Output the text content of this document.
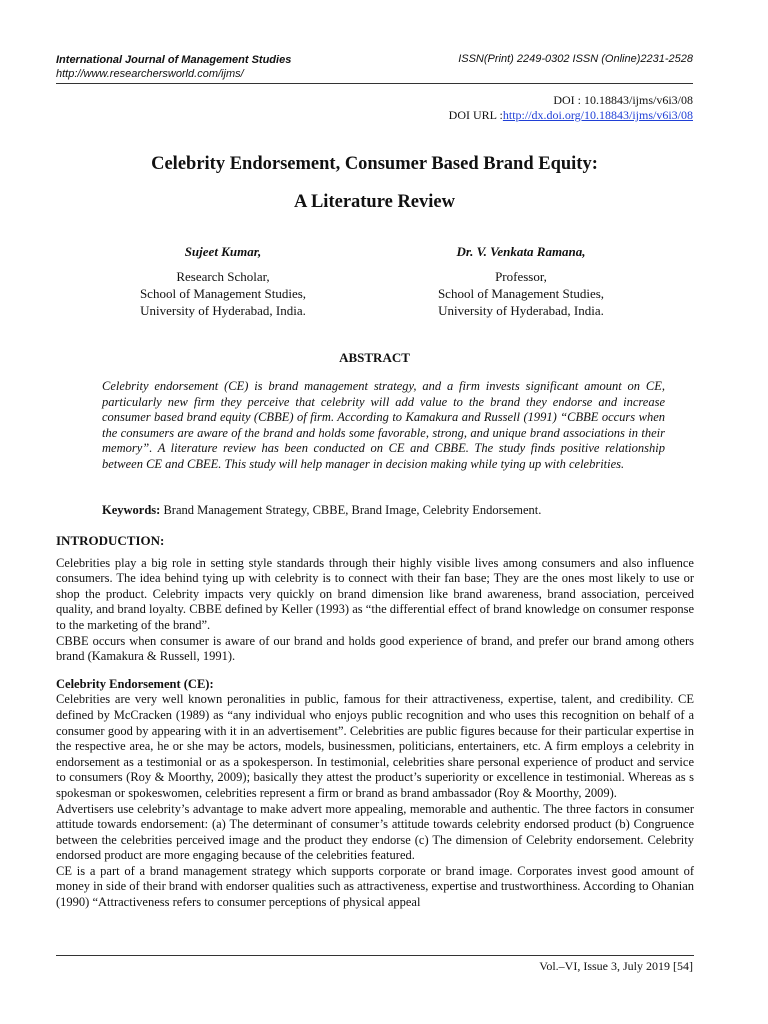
International Journal of Management Studies
http://www.researchersworld.com/ijms/
ISSN(Print) 2249-0302 ISSN (Online)2231-2528
DOI : 10.18843/ijms/v6i3/08
DOI URL :http://dx.doi.org/10.18843/ijms/v6i3/08
Celebrity Endorsement, Consumer Based Brand Equity:
A Literature Review
Sujeet Kumar,
Research Scholar,
School of Management Studies,
University of Hyderabad, India.
Dr. V. Venkata Ramana,
Professor,
School of Management Studies,
University of Hyderabad, India.
ABSTRACT
Celebrity endorsement (CE) is brand management strategy, and a firm invests significant amount on CE, particularly new firm they perceive that celebrity will add value to the brand they endorse and increase consumer based brand equity (CBBE) of firm. According to Kamakura and Russell (1991) “CBBE occurs when the consumers are aware of the brand and holds some favorable, strong, and unique brand associations in their memory”. A literature review has been conducted on CE and CBBE. The study finds positive relationship between CE and CBEE. This study will help manager in decision making while tying up with celebrities.
Keywords: Brand Management Strategy, CBBE, Brand Image, Celebrity Endorsement.
INTRODUCTION:

Celebrities play a big role in setting style standards through their highly visible lives among consumers and also influence consumers. The idea behind tying up with celebrity is to connect with their fan base; They are the ones most likely to use or shop the product. Celebrity impacts very quickly on brand dimension like brand awareness, brand association, perceived quality, and brand loyalty. CBBE defined by Keller (1993) as “the differential effect of brand knowledge on consumer response to the marketing of the brand”.

CBBE occurs when consumer is aware of our brand and holds good experience of brand, and prefer our brand among others brand (Kamakura & Russell, 1991).

Celebrity Endorsement (CE):

Celebrities are very well known peronalities in public, famous for their attractiveness, expertise, talent, and credibility. CE defined by McCracken (1989) as “any individual who enjoys public recognition and who uses this recognition on behalf of a consumer good by appearing with it in an advertisement”. Celebrities are public figures because for their particular expertise in the respective area, he or she may be actors, models, businessmen, politicians, entertainers, etc. A firm employs a celebrity in endorsement as a testimonial or as a spokesperson. In testimonial, celebrities share personal experience of product and service to consumers (Roy & Moorthy, 2009); basically they attest the product’s superiority or excellence in testimonial. Whereas as s spokesman or spokeswomen, celebrities represent a firm or brand as brand ambassador (Roy & Moorthy, 2009).

Advertisers use celebrity’s advantage to make advert more appealing, memorable and authentic. The three factors in consumer attitude towards endorsement: (a) The determinant of consumer’s attitude towards celebrity endorsed product (b) Congruence between the celebrities perceived image and the product they endorse (c) The dimension of Celebrity endorsement. Celebrity endorsed product are more engaging because of the celebrities featured.

CE is a part of a brand management strategy which supports corporate or brand image. Corporates invest good amount of money in side of their brand with endorser qualities such as attractiveness, expertise and trustworthiness. According to Ohanian (1990) “Attractiveness refers to consumer perceptions of physical appeal

Vol.–VI, Issue 3, July 2019 [54]
